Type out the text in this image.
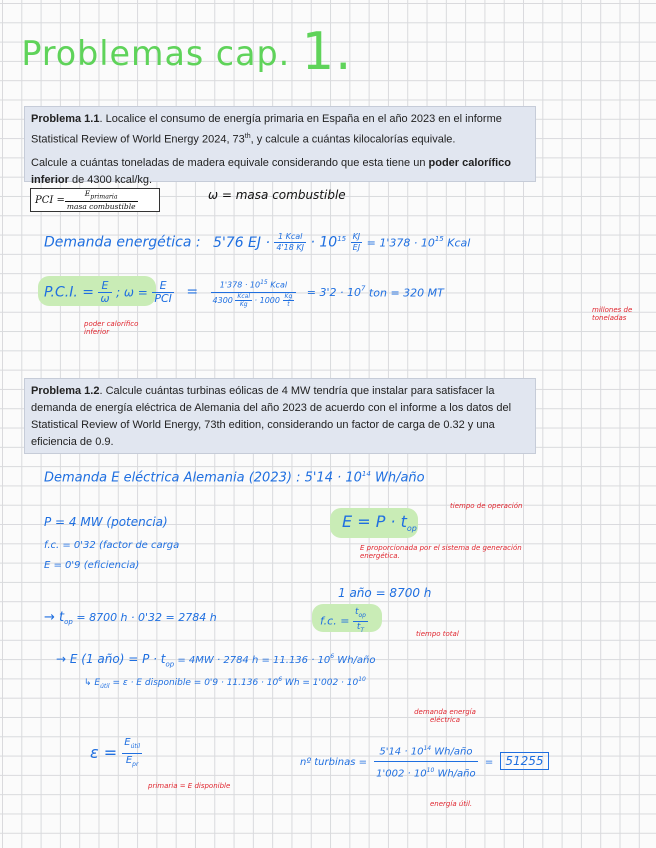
Problemas cap. 1.

Problema 1.1. Localice el consumo de energía primaria en España en el año 2023 en el informe Statistical Review of World Energy 2024, 73th, y calcule a cuántas kilocalorías equivale.

Calcule a cuántas toneladas de madera equivale considerando que esta tiene un poder calorífico inferior de 4300 kcal/kg.

PCI = $\frac{E_{primaria}}{\text{masa combustible}}$	ω = masa combustible
Demanda energética : 5'76 EJ · $\frac{\text{1 Kcal}}{4'18 KJ} \cdot 10^{15} \frac{KJ}{EJ} = 1'378 \cdot 10^{15}$ Kcal
P.C.I. = $\frac{E}{\omega}$ ; $\omega = \frac{E}{\text{PCI}} = \frac{1'378 \cdot 10^{15} Kcal}{4300 \frac{\text{Kcal}}{Kg} \cdot 1000 \frac{Kg}{t}} = 3'2 \cdot 10^7$ ton = 320 MT
poder calorífico inferior
millones de toneladas

Problema 1.2. Calcule cuántas turbinas eólicas de 4 MW tendría que instalar para satisfacer la demanda de energía eléctrica de Alemania del año 2023 de acuerdo con el informe a los datos del Statistical Review of World Energy, 73th edition, considerando un factor de carga de 0.32 y una eficiencia de 0.9.

Demanda E eléctrica Alemania (2023) : $5'14 \cdot 10^{14}$ Wh/año
P = 4 MW (potencia)
f.c. = 0'32 (factor de carga
E = 0'9 (eficiencia)
$E = P \cdot t_{op}$
tiempo de operación
E proporcionada por el sistema de generación energética.
→ $t_{op} = 8700$ h · 0'32 = 2784 h
1 año = 8700 h
f.c. = $\frac{t_{op}}{t_T}$	tiempo total
→ E (1 año) = $P \cdot t_{op} = 4MW \cdot 2784$ $h = 11.136 \cdot 10^6$ Wh/año
↳ $E_{útil} = \varepsilon \cdot E$ disponible = $0'9 \cdot 11.136 \cdot 10^6$ $Wh = 1'002 \cdot 10^{10}$
$\varepsilon = \frac{E_{útil}}{E_{pr}}$
primaria = E disponible
demanda energía eléctrica
nº turbinas = $\frac{5'14 \cdot 10^{14} Wh/año}{1'002 \cdot 10^{10} Wh/año} = 51255$
energía útil.
